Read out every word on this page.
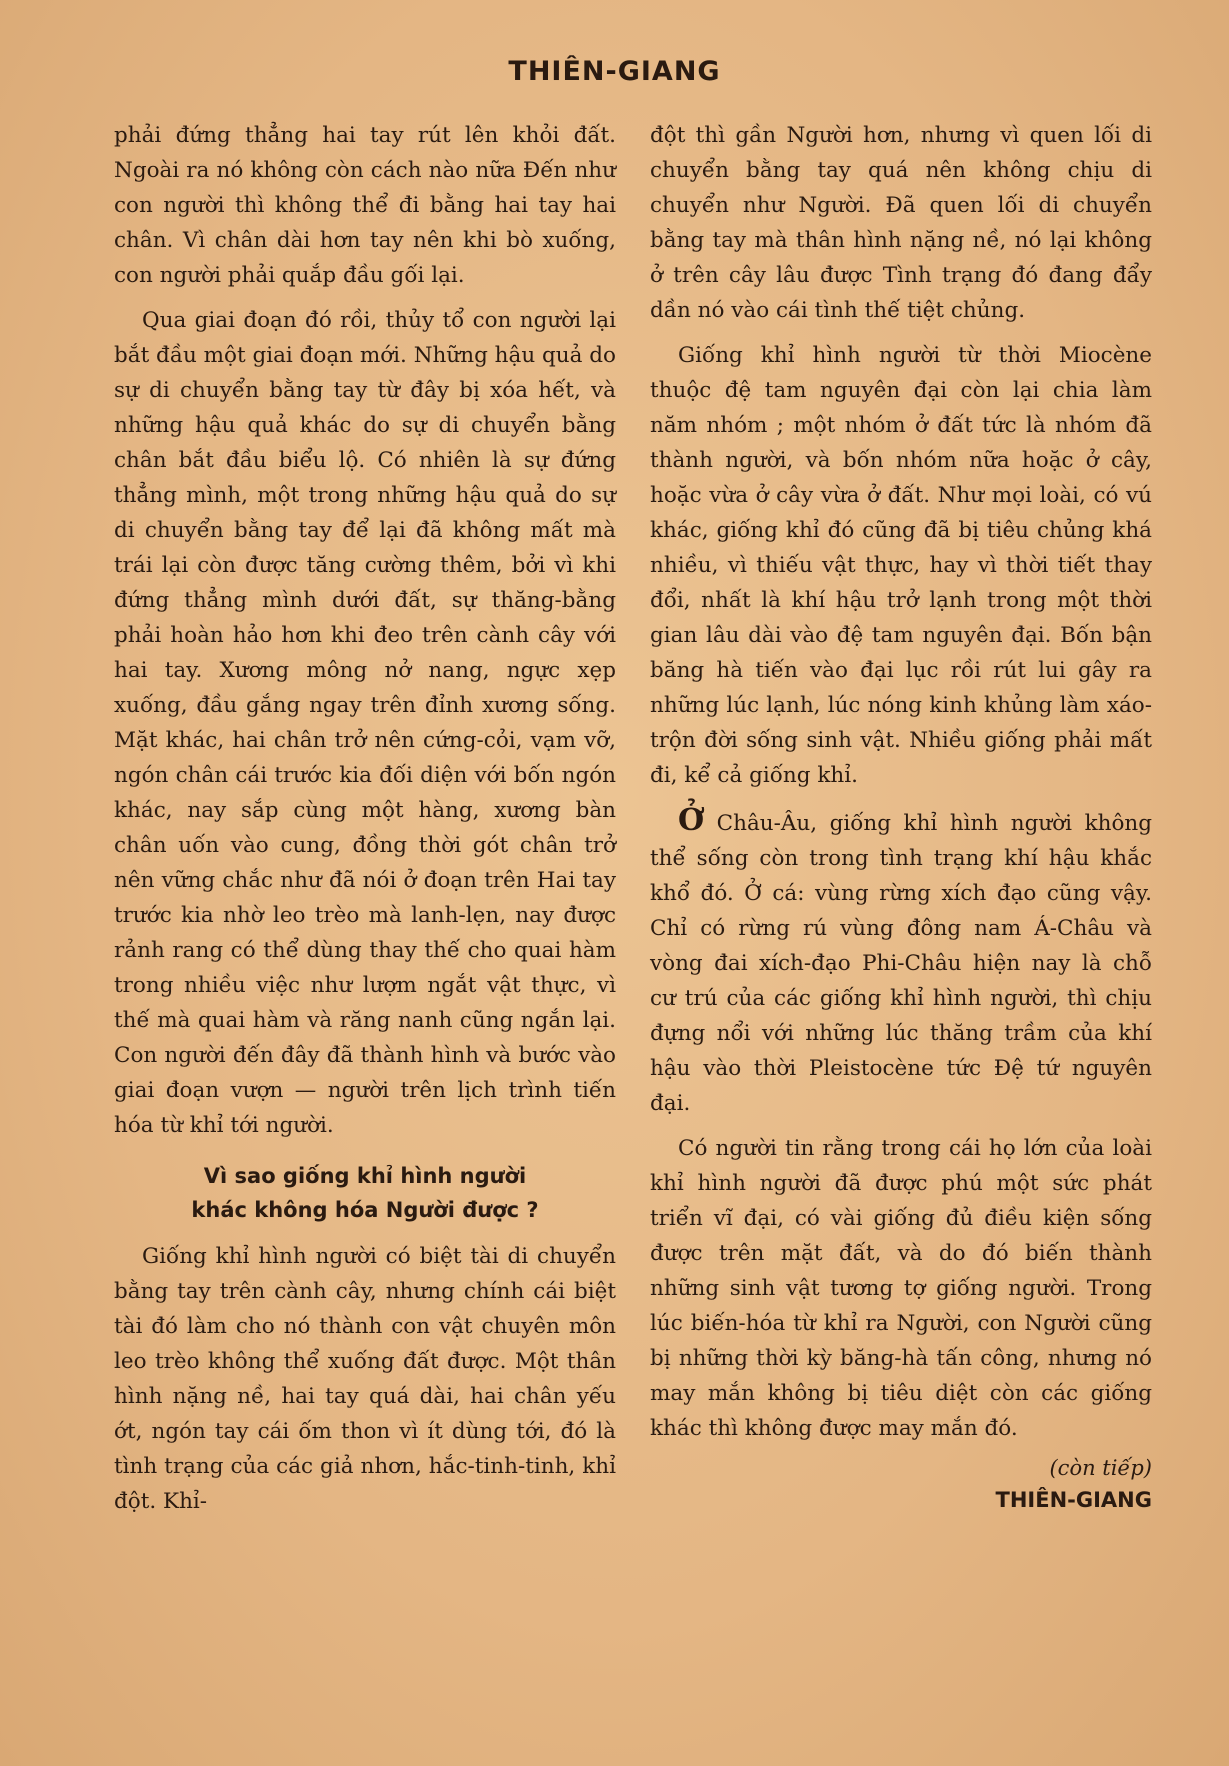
THIÊN-GIANG

phải đứng thẳng hai tay rút lên khỏi đất. Ngoài ra nó không còn cách nào nữa Đến như con người thì không thể đi bằng hai tay hai chân. Vì chân dài hơn tay nên khi bò xuống, con người phải quắp đầu gối lại.

Qua giai đoạn đó rồi, thủy tổ con người lại bắt đầu một giai đoạn mới. Những hậu quả do sự di chuyển bằng tay từ đây bị xóa hết, và những hậu quả khác do sự di chuyển bằng chân bắt đầu biểu lộ. Có nhiên là sự đứng thẳng mình, một trong những hậu quả do sự di chuyển bằng tay để lại đã không mất mà trái lại còn được tăng cường thêm, bởi vì khi đứng thẳng mình dưới đất, sự thăng-bằng phải hoàn hảo hơn khi đeo trên cành cây với hai tay. Xương mông nở nang, ngực xẹp xuống, đầu gắng ngay trên đỉnh xương sống. Mặt khác, hai chân trở nên cứng-cỏi, vạm vỡ, ngón chân cái trước kia đối diện với bốn ngón khác, nay sắp cùng một hàng, xương bàn chân uốn vào cung, đồng thời gót chân trở nên vững chắc như đã nói ở đoạn trên Hai tay trước kia nhờ leo trèo mà lanh-lẹn, nay được rảnh rang có thể dùng thay thế cho quai hàm trong nhiều việc như lượm ngắt vật thực, vì thế mà quai hàm và răng nanh cũng ngắn lại. Con người đến đây đã thành hình và bước vào giai đoạn vượn — người trên lịch trình tiến hóa từ khỉ tới người.

Vì sao giống khỉ hình người
khác không hóa Người được ?

Giống khỉ hình người có biệt tài di chuyển bằng tay trên cành cây, nhưng chính cái biệt tài đó làm cho nó thành con vật chuyên môn leo trèo không thể xuống đất được. Một thân hình nặng nề, hai tay quá dài, hai chân yếu ớt, ngón tay cái ốm thon vì ít dùng tới, đó là tình trạng của các giả nhơn, hắc-tinh-tinh, khỉ đột. Khỉ-

đột thì gần Người hơn, nhưng vì quen lối di chuyển bằng tay quá nên không chịu di chuyển như Người. Đã quen lối di chuyển bằng tay mà thân hình nặng nề, nó lại không ở trên cây lâu được Tình trạng đó đang đẩy dần nó vào cái tình thế tiệt chủng.

Giống khỉ hình người từ thời Miocène thuộc đệ tam nguyên đại còn lại chia làm năm nhóm ; một nhóm ở đất tức là nhóm đã thành người, và bốn nhóm nữa hoặc ở cây, hoặc vừa ở cây vừa ở đất. Như mọi loài, có vú khác, giống khỉ đó cũng đã bị tiêu chủng khá nhiều, vì thiếu vật thực, hay vì thời tiết thay đổi, nhất là khí hậu trở lạnh trong một thời gian lâu dài vào đệ tam nguyên đại. Bốn bận băng hà tiến vào đại lục rồi rút lui gây ra những lúc lạnh, lúc nóng kinh khủng làm xáo-trộn đời sống sinh vật. Nhiều giống phải mất đi, kể cả giống khỉ.

Ở Châu-Âu, giống khỉ hình người không thể sống còn trong tình trạng khí hậu khắc khổ đó. Ở cá: vùng rừng xích đạo cũng vậy. Chỉ có rừng rú vùng đông nam Á-Châu và vòng đai xích-đạo Phi-Châu hiện nay là chỗ cư trú của các giống khỉ hình người, thì chịu đựng nổi với những lúc thăng trầm của khí hậu vào thời Pleistocène tức Đệ tứ nguyên đại.

Có người tin rằng trong cái họ lớn của loài khỉ hình người đã được phú một sức phát triển vĩ đại, có vài giống đủ điều kiện sống được trên mặt đất, và do đó biến thành những sinh vật tương tợ giống người. Trong lúc biến-hóa từ khỉ ra Người, con Người cũng bị những thời kỳ băng-hà tấn công, nhưng nó may mắn không bị tiêu diệt còn các giống khác thì không được may mắn đó.

(còn tiếp)
THIÊN-GIANG
